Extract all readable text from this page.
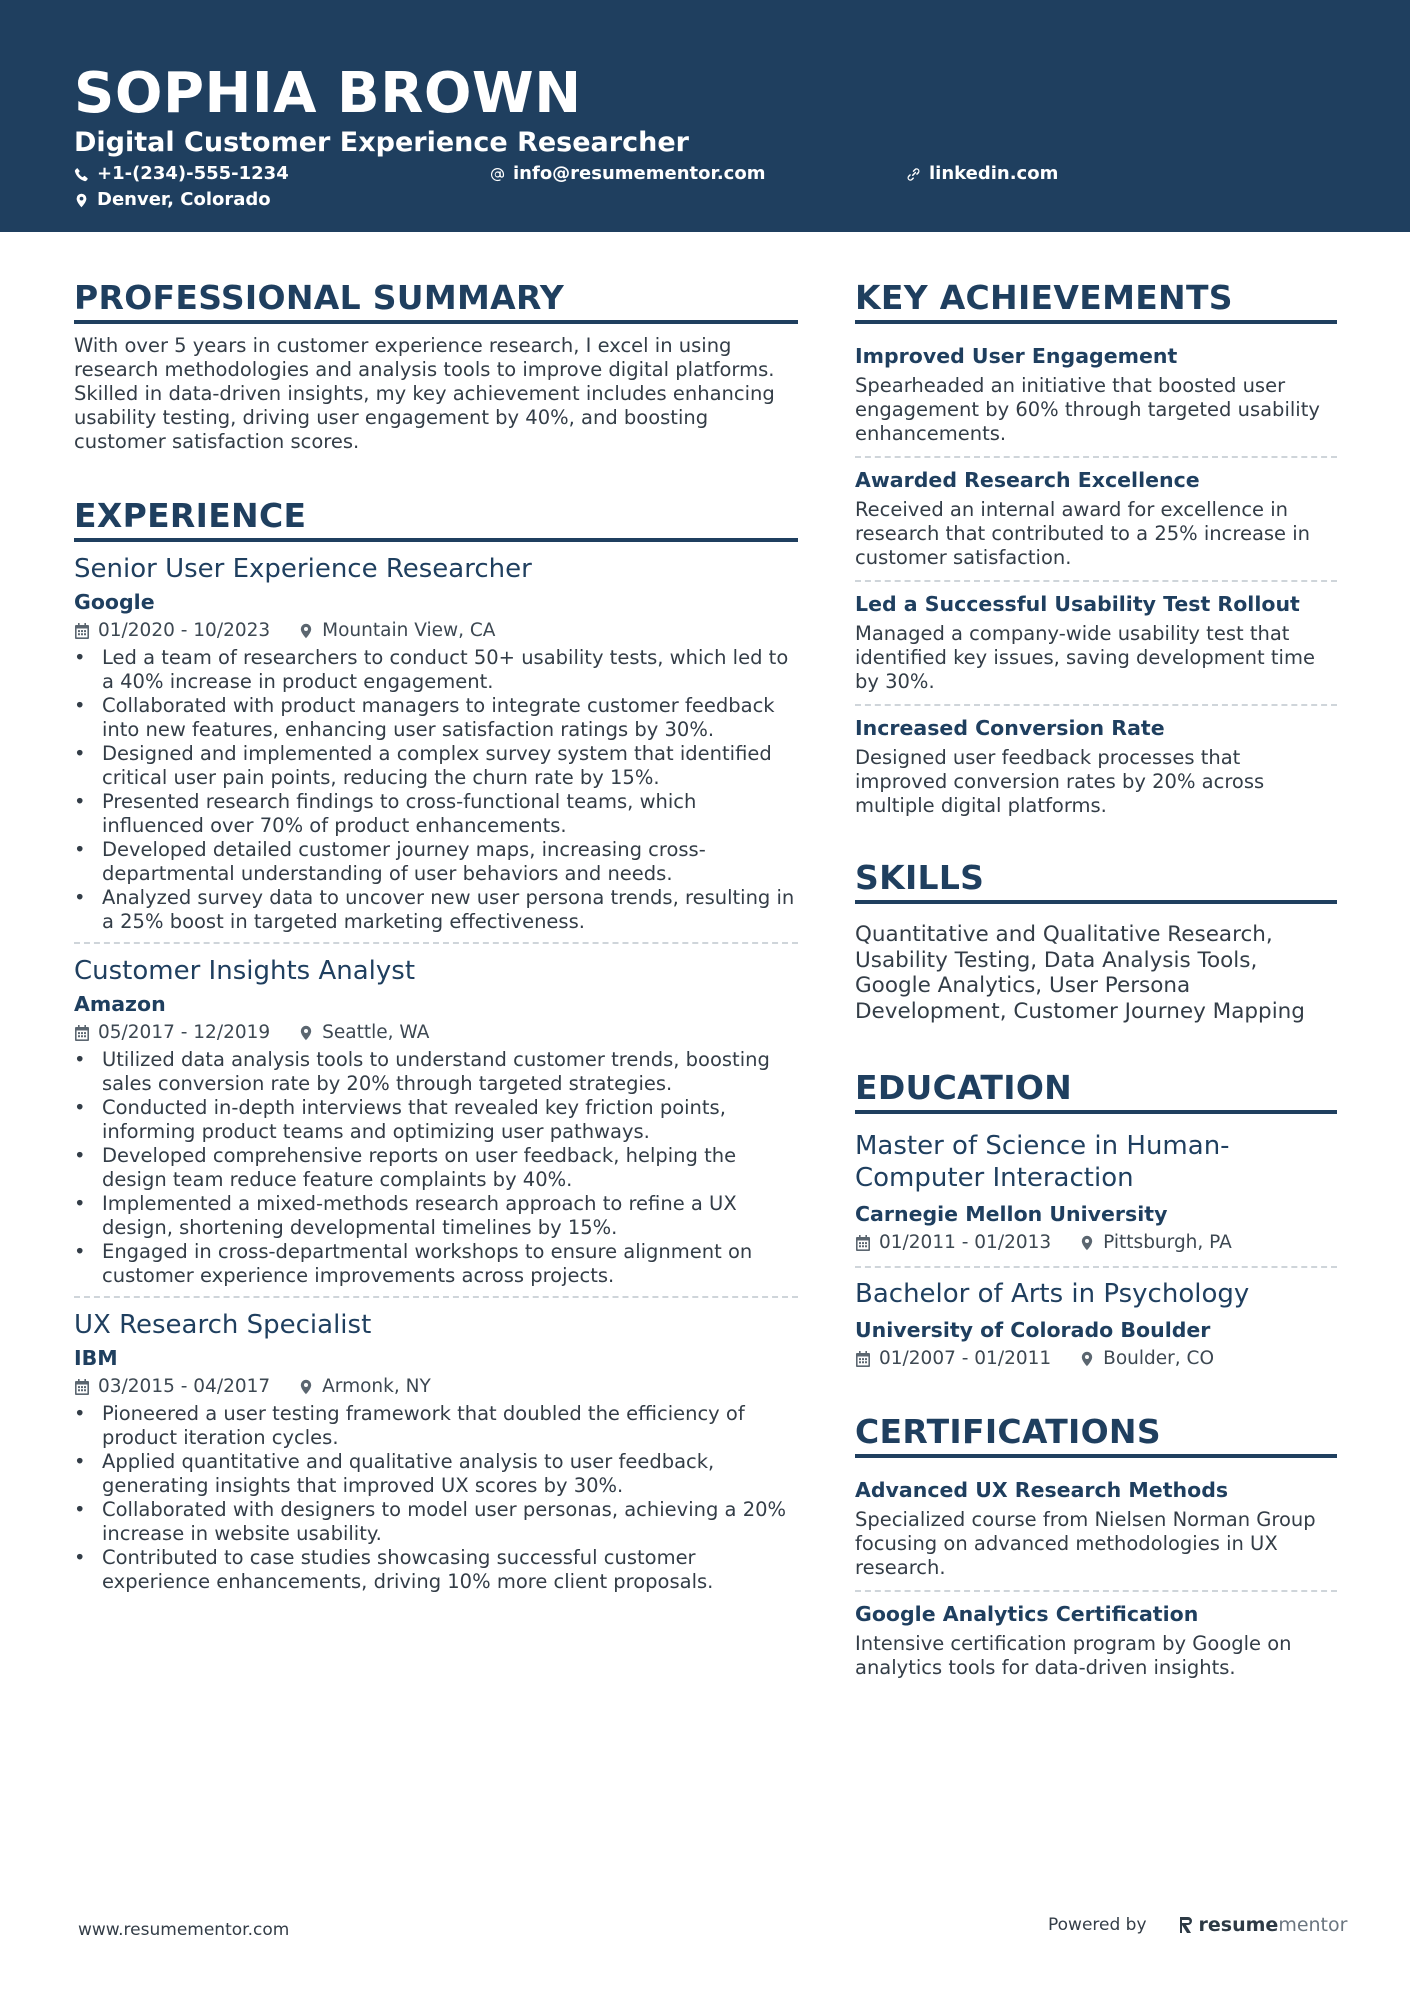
SOPHIA BROWN
Digital Customer Experience Researcher
+1-(234)-555-1234	info@resumementor.com	linkedin.com
Denver, Colorado
PROFESSIONAL SUMMARY
With over 5 years in customer experience research, I excel in using research methodologies and analysis tools to improve digital platforms. Skilled in data-driven insights, my key achievement includes enhancing usability testing, driving user engagement by 40%, and boosting customer satisfaction scores.
EXPERIENCE
Senior User Experience Researcher
Google
01/2020 - 10/2023	Mountain View, CA
• Led a team of researchers to conduct 50+ usability tests, which led to a 40% increase in product engagement.
• Collaborated with product managers to integrate customer feedback into new features, enhancing user satisfaction ratings by 30%.
• Designed and implemented a complex survey system that identified critical user pain points, reducing the churn rate by 15%.
• Presented research findings to cross-functional teams, which influenced over 70% of product enhancements.
• Developed detailed customer journey maps, increasing cross-departmental understanding of user behaviors and needs.
• Analyzed survey data to uncover new user persona trends, resulting in a 25% boost in targeted marketing effectiveness.
Customer Insights Analyst
Amazon
05/2017 - 12/2019	Seattle, WA
• Utilized data analysis tools to understand customer trends, boosting sales conversion rate by 20% through targeted strategies.
• Conducted in-depth interviews that revealed key friction points, informing product teams and optimizing user pathways.
• Developed comprehensive reports on user feedback, helping the design team reduce feature complaints by 40%.
• Implemented a mixed-methods research approach to refine a UX design, shortening developmental timelines by 15%.
• Engaged in cross-departmental workshops to ensure alignment on customer experience improvements across projects.
UX Research Specialist
IBM
03/2015 - 04/2017	Armonk, NY
• Pioneered a user testing framework that doubled the efficiency of product iteration cycles.
• Applied quantitative and qualitative analysis to user feedback, generating insights that improved UX scores by 30%.
• Collaborated with designers to model user personas, achieving a 20% increase in website usability.
• Contributed to case studies showcasing successful customer experience enhancements, driving 10% more client proposals.
KEY ACHIEVEMENTS
Improved User Engagement
Spearheaded an initiative that boosted user engagement by 60% through targeted usability enhancements.
Awarded Research Excellence
Received an internal award for excellence in research that contributed to a 25% increase in customer satisfaction.
Led a Successful Usability Test Rollout
Managed a company-wide usability test that identified key issues, saving development time by 30%.
Increased Conversion Rate
Designed user feedback processes that improved conversion rates by 20% across multiple digital platforms.
SKILLS
Quantitative and Qualitative Research, Usability Testing, Data Analysis Tools, Google Analytics, User Persona Development, Customer Journey Mapping
EDUCATION
Master of Science in Human-Computer Interaction
Carnegie Mellon University
01/2011 - 01/2013	Pittsburgh, PA
Bachelor of Arts in Psychology
University of Colorado Boulder
01/2007 - 01/2011	Boulder, CO
CERTIFICATIONS
Advanced UX Research Methods
Specialized course from Nielsen Norman Group focusing on advanced methodologies in UX research.
Google Analytics Certification
Intensive certification program by Google on analytics tools for data-driven insights.
www.resumementor.com	Powered by	resume mentor
